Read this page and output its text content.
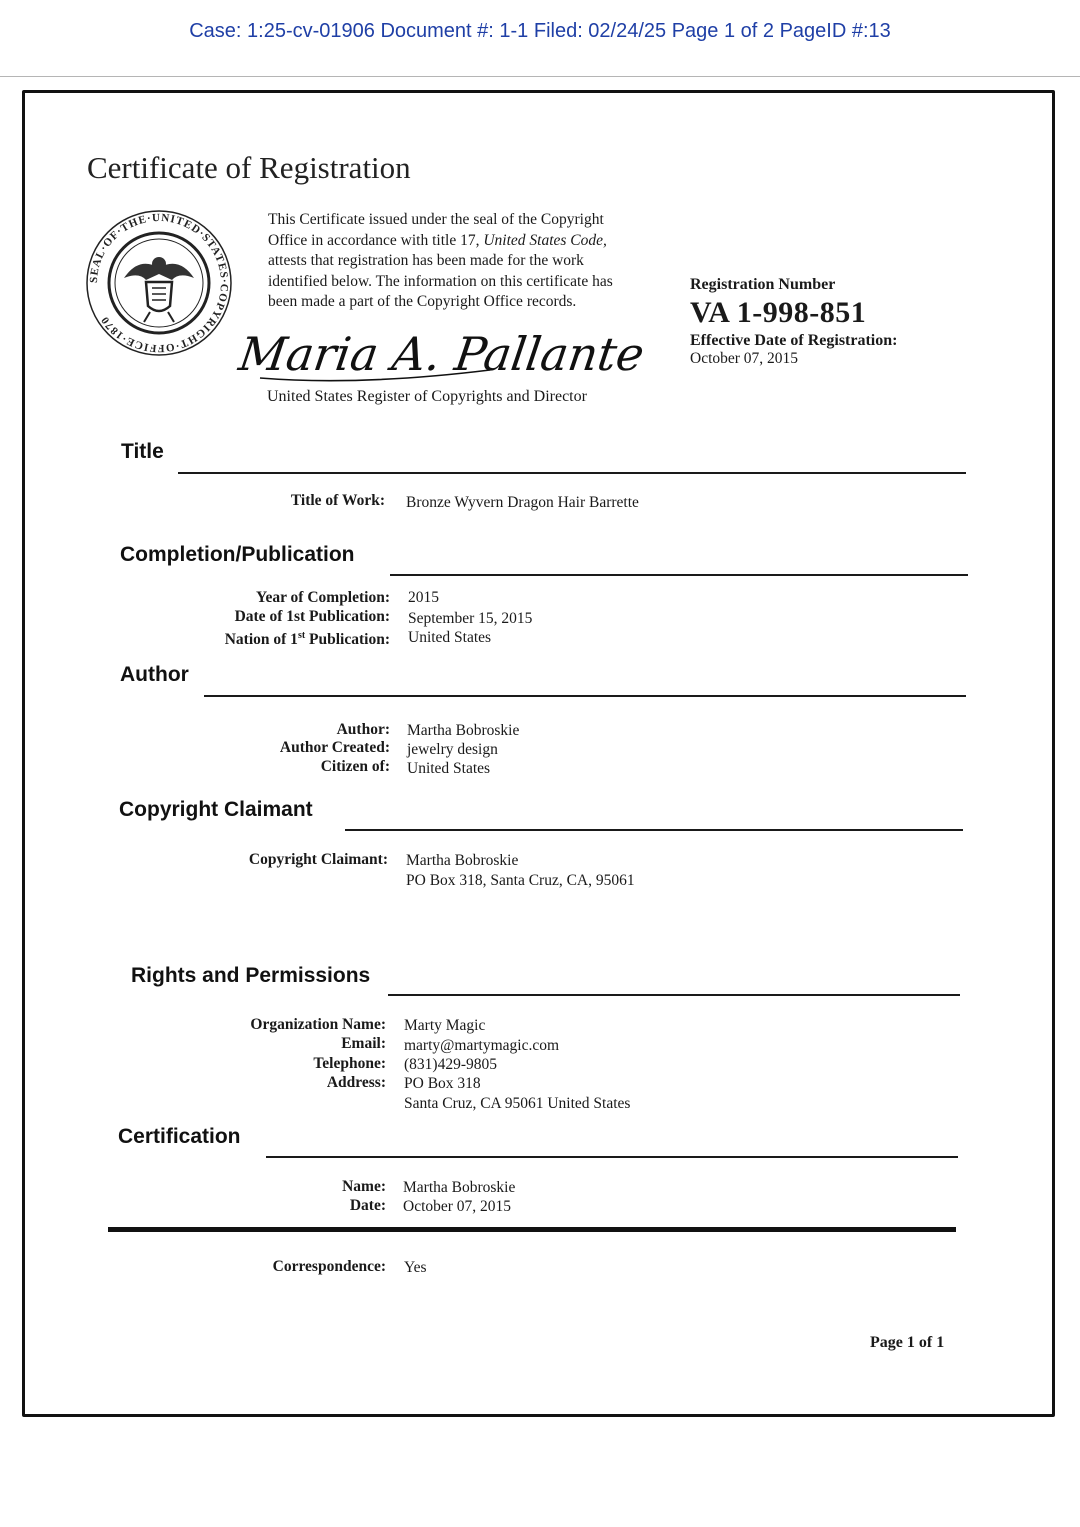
Case: 1:25-cv-01906 Document #: 1-1 Filed: 02/24/25 Page 1 of 2 PageID #:13
Certificate of Registration
SEAL·OF·THE·UNITED·STATES·COPYRIGHT·OFFICE·1870
This Certificate issued under the seal of the Copyright
Office in accordance with title 17, United States Code,
attests that registration has been made for the work
identified below. The information on this certificate has
been made a part of the Copyright Office records.
Maria A. Pallante
United States Register of Copyrights and Director
Registration Number
VA 1-998-851
Effective Date of Registration:
October 07, 2015
Title
Title of Work: Bronze Wyvern Dragon Hair Barrette
Completion/Publication
Year of Completion: 2015
Date of 1st Publication: September 15, 2015
Nation of 1st Publication: United States
Author
Author: Martha Bobroskie
Author Created: jewelry design
Citizen of: United States
Copyright Claimant
Copyright Claimant: Martha Bobroskie
PO Box 318, Santa Cruz, CA, 95061
Rights and Permissions
Organization Name: Marty Magic
Email: marty@martymagic.com
Telephone: (831)429-9805
Address: PO Box 318
Santa Cruz, CA 95061 United States
Certification
Name: Martha Bobroskie
Date: October 07, 2015
Correspondence: Yes
Page 1 of 1
